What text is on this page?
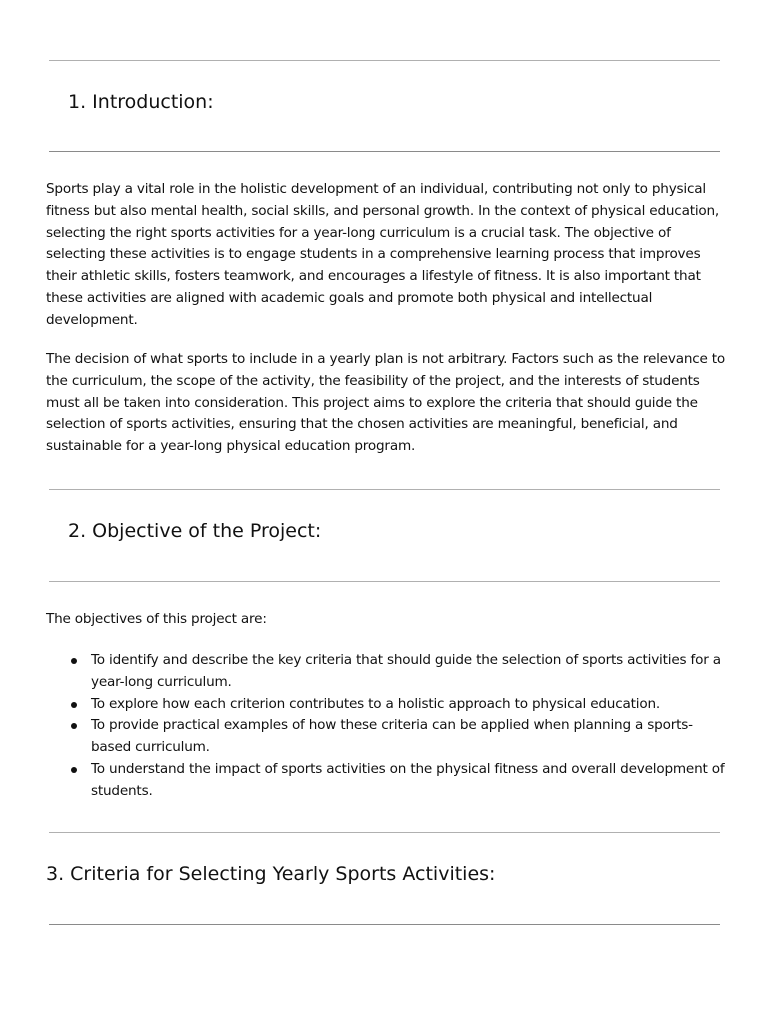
1. Introduction:

Sports play a vital role in the holistic development of an individual, contributing not only to physical fitness but also mental health, social skills, and personal growth. In the context of physical education, selecting the right sports activities for a year-long curriculum is a crucial task. The objective of selecting these activities is to engage students in a comprehensive learning process that improves their athletic skills, fosters teamwork, and encourages a lifestyle of fitness. It is also important that these activities are aligned with academic goals and promote both physical and intellectual development.

The decision of what sports to include in a yearly plan is not arbitrary. Factors such as the relevance to the curriculum, the scope of the activity, the feasibility of the project, and the interests of students must all be taken into consideration. This project aims to explore the criteria that should guide the selection of sports activities, ensuring that the chosen activities are meaningful, beneficial, and sustainable for a year-long physical education program.

2. Objective of the Project:

The objectives of this project are:

To identify and describe the key criteria that should guide the selection of sports activities for a year-long curriculum.
To explore how each criterion contributes to a holistic approach to physical education.
To provide practical examples of how these criteria can be applied when planning a sports-based curriculum.
To understand the impact of sports activities on the physical fitness and overall development of students.
3. Criteria for Selecting Yearly Sports Activities:
